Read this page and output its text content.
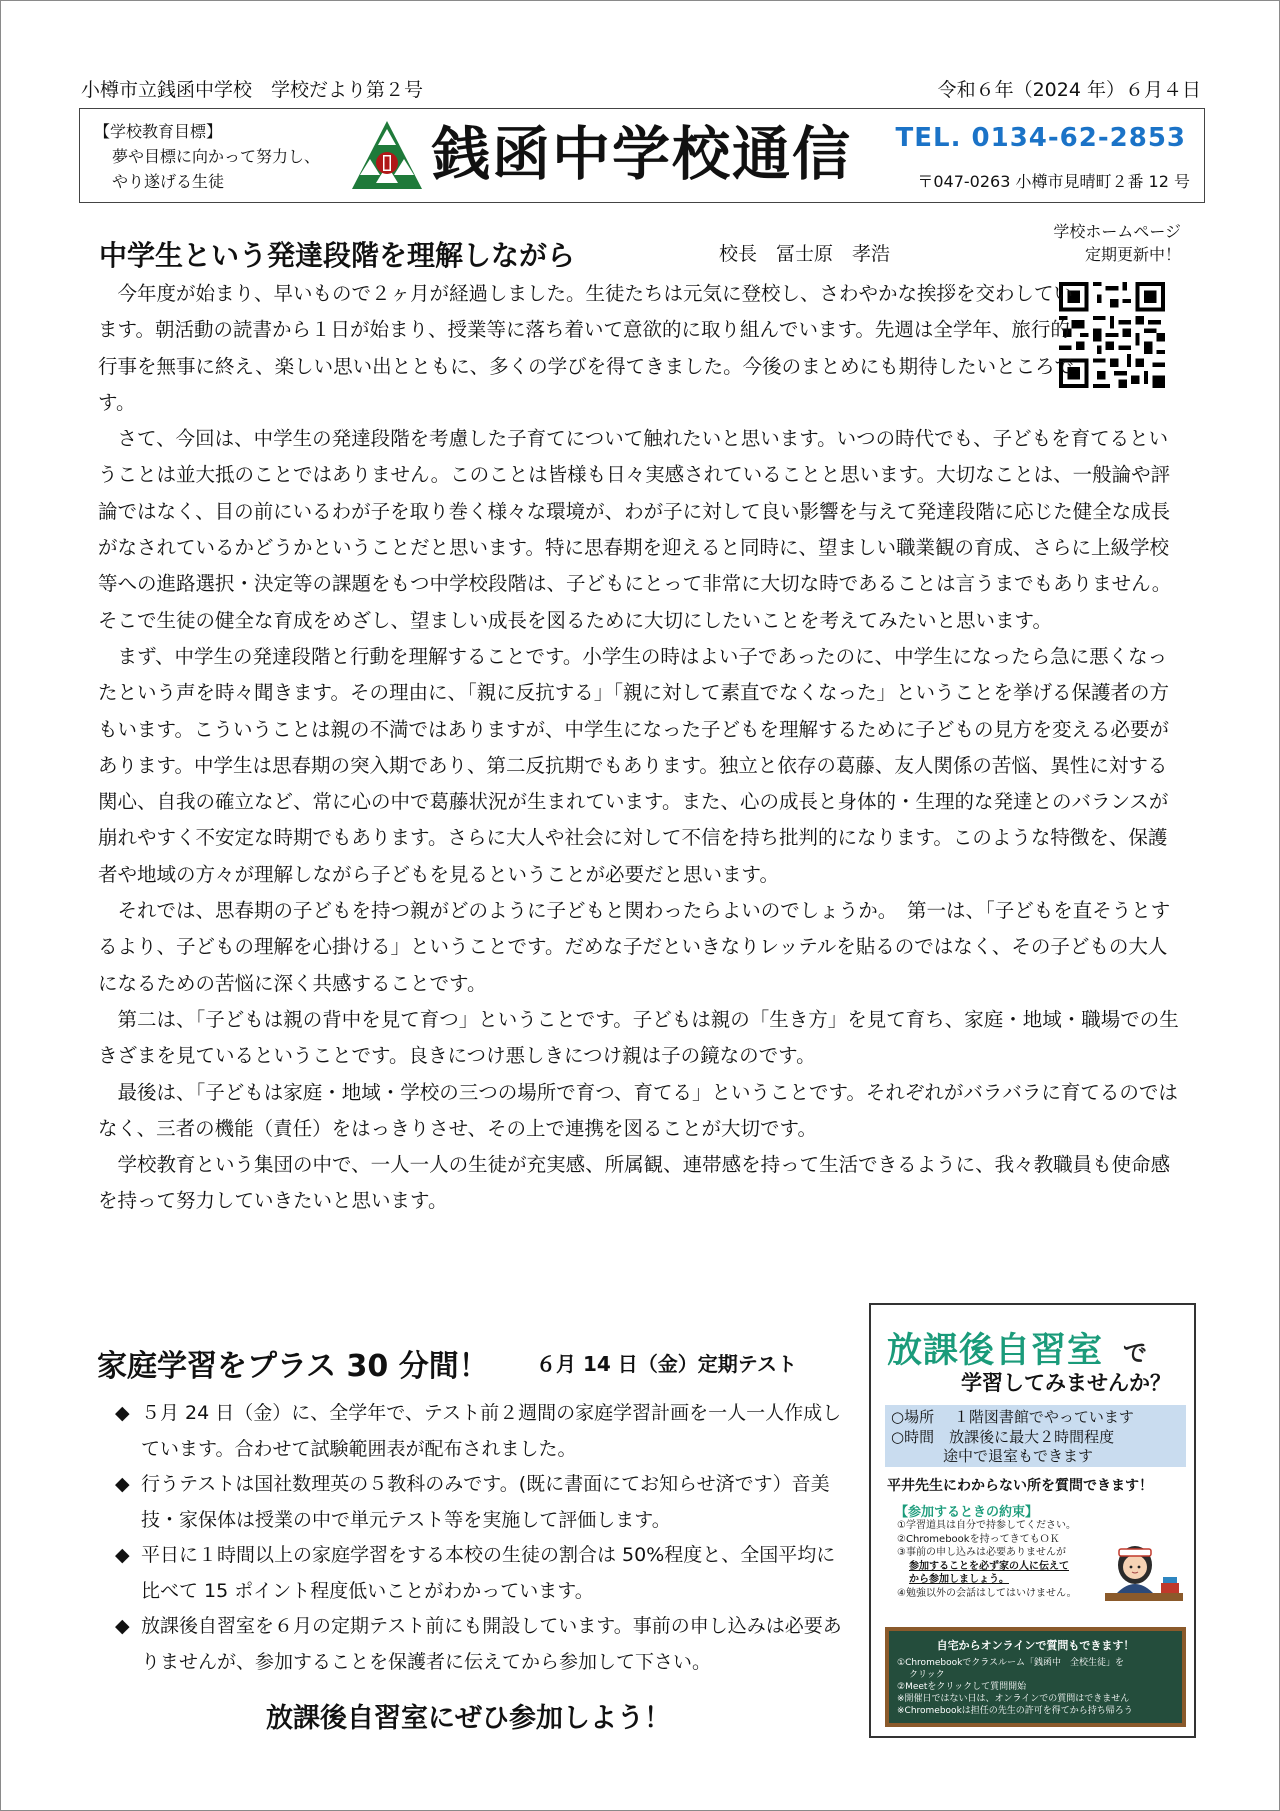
小樽市立銭函中学校　学校だより第２号	令和６年（2024 年）６月４日
【学校教育目標】
夢や目標に向かって努力し、
やり遂げる生徒	銭函中学校通信 TEL. 0134-62-2853
〒047-0263 小樽市見晴町２番 12 号
中学生という発達段階を理解しながら	校長　冨士原　孝浩
学校ホームページ
定期更新中！

今年度が始まり、早いもので２ヶ月が経過しました。生徒たちは元気に登校し、さわやかな挨拶を交わしています。朝活動の読書から１日が始まり、授業等に落ち着いて意欲的に取り組んでいます。先週は全学年、旅行的行事を無事に終え、楽しい思い出とともに、多くの学びを得てきました。今後のまとめにも期待したいところです。

さて、今回は、中学生の発達段階を考慮した子育てについて触れたいと思います。いつの時代でも、子どもを育てるということは並大抵のことではありません。このことは皆様も日々実感されていることと思います。大切なことは、一般論や評論ではなく、目の前にいるわが子を取り巻く様々な環境が、わが子に対して良い影響を与えて発達段階に応じた健全な成長がなされているかどうかということだと思います。特に思春期を迎えると同時に、望ましい職業観の育成、さらに上級学校等への進路選択・決定等の課題をもつ中学校段階は、子どもにとって非常に大切な時であることは言うまでもありません。そこで生徒の健全な育成をめざし、望ましい成長を図るために大切にしたいことを考えてみたいと思います。

まず、中学生の発達段階と行動を理解することです。小学生の時はよい子であったのに、中学生になったら急に悪くなったという声を時々聞きます。その理由に、「親に反抗する」「親に対して素直でなくなった」ということを挙げる保護者の方もいます。こういうことは親の不満ではありますが、中学生になった子どもを理解するために子どもの見方を変える必要があります。中学生は思春期の突入期であり、第二反抗期でもあります。独立と依存の葛藤、友人関係の苦悩、異性に対する関心、自我の確立など、常に心の中で葛藤状況が生まれています。また、心の成長と身体的・生理的な発達とのバランスが崩れやすく不安定な時期でもあります。さらに大人や社会に対して不信を持ち批判的になります。このような特徴を、保護者や地域の方々が理解しながら子どもを見るということが必要だと思います。

それでは、思春期の子どもを持つ親がどのように子どもと関わったらよいのでしょうか。　第一は、「子どもを直そうとするより、子どもの理解を心掛ける」ということです。だめな子だといきなりレッテルを貼るのではなく、その子どもの大人になるための苦悩に深く共感することです。

第二は、「子どもは親の背中を見て育つ」ということです。子どもは親の「生き方」を見て育ち、家庭・地域・職場での生きざまを見ているということです。良きにつけ悪しきにつけ親は子の鏡なのです。

最後は、「子どもは家庭・地域・学校の三つの場所で育つ、育てる」ということです。それぞれがバラバラに育てるのではなく、三者の機能（責任）をはっきりさせ、その上で連携を図ることが大切です。

学校教育という集団の中で、一人一人の生徒が充実感、所属観、連帯感を持って生活できるように、我々教職員も使命感を持って努力していきたいと思います。

家庭学習をプラス 30 分間！ ６月 14 日（金）定期テスト
◆ ５月 24 日（金）に、全学年で、テスト前２週間の家庭学習計画を一人一人作成しています。合わせて試験範囲表が配布されました。
◆ 行うテストは国社数理英の５教科のみです。(既に書面にてお知らせ済です）音美技・家保体は授業の中で単元テスト等を実施して評価します。
◆ 平日に１時間以上の家庭学習をする本校の生徒の割合は 50%程度と、全国平均に比べて 15 ポイント程度低いことがわかっています。
◆ 放課後自習室を６月の定期テスト前にも開設しています。事前の申し込みは必要ありませんが、参加することを保護者に伝えてから参加して下さい。
放課後自習室にぜひ参加しよう！
放課後自習室 で
学習してみませんか？
○場所　 １階図書館でやっています
○時間　放課後に最大２時間程度
途中で退室もできます
平井先生にわからない所を質問できます！
【参加するときの約束】
①学習道具は自分で持参してください。
②Chromebookを持ってきてもＯＫ
③事前の申し込みは必要ありませんが
参加することを必ず家の人に伝えて
から参加しましょう。
④勉強以外の会話はしてはいけません。
自宅からオンラインで質問もできます！
①Chromebookでクラスルーム「銭函中　全校生徒」を
クリック
②Meetをクリックして質問開始
※開催日ではない日は、オンラインでの質問はできません
※Chromebookは担任の先生の許可を得てから持ち帰ろう
